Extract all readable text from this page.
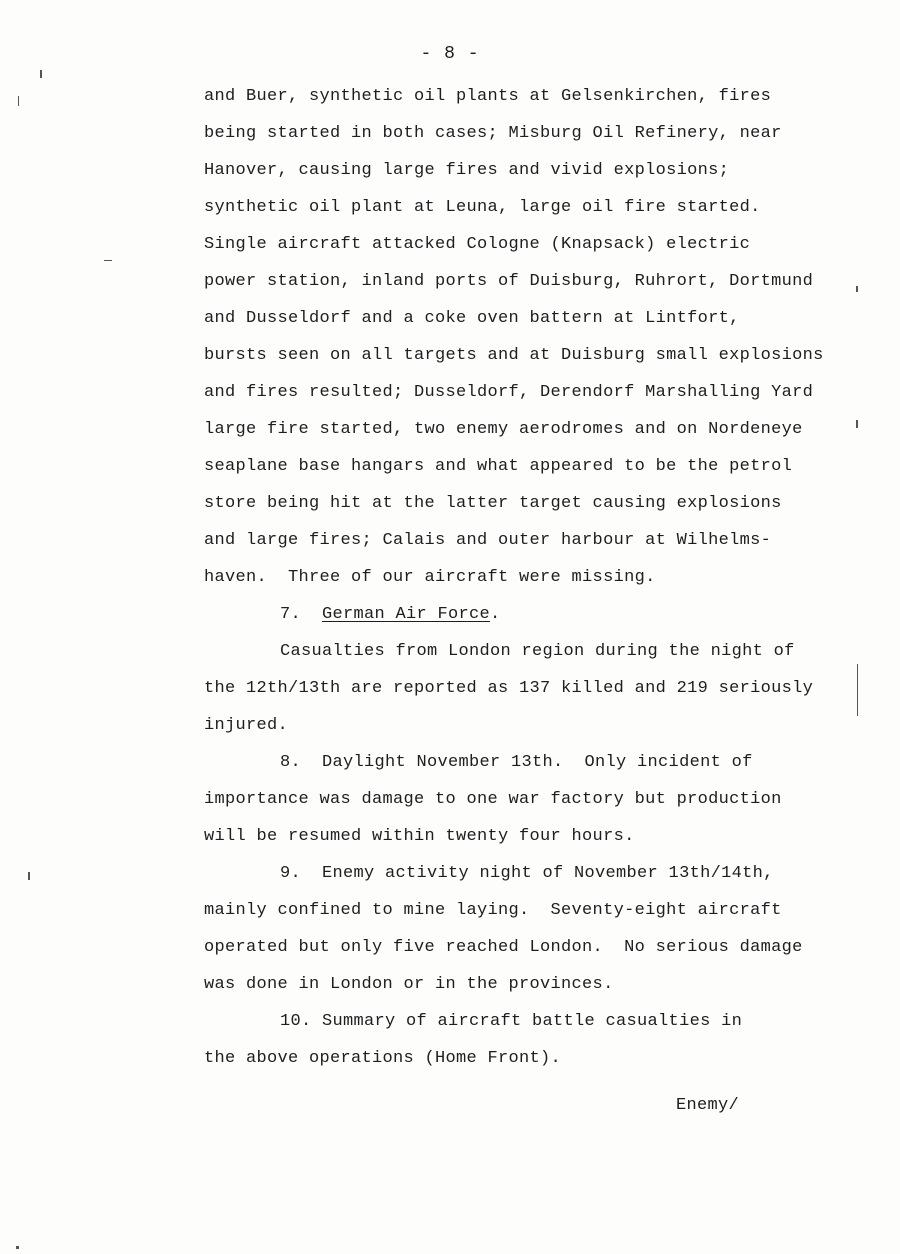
- 8 -
and Buer, synthetic oil plants at Gelsenkirchen, fires
being started in both cases; Misburg Oil Refinery, near
Hanover, causing large fires and vivid explosions;
synthetic oil plant at Leuna, large oil fire started.
Single aircraft attacked Cologne (Knapsack) electric
power station, inland ports of Duisburg, Ruhrort, Dortmund
and Dusseldorf and a coke oven battern at Lintfort,
bursts seen on all targets and at Duisburg small explosions
and fires resulted; Dusseldorf, Derendorf Marshalling Yard
large fire started, two enemy aerodromes and on Nordeneye
seaplane base hangars and what appeared to be the petrol
store being hit at the latter target causing explosions
and large fires; Calais and outer harbour at Wilhelms-
haven.  Three of our aircraft were missing.
7.  German Air Force.
Casualties from London region during the night of
the 12th/13th are reported as 137 killed and 219 seriously
injured.
8.  Daylight November 13th.  Only incident of
importance was damage to one war factory but production
will be resumed within twenty four hours.
9.  Enemy activity night of November 13th/14th,
mainly confined to mine laying.  Seventy-eight aircraft
operated but only five reached London.  No serious damage
was done in London or in the provinces.
10. Summary of aircraft battle casualties in
the above operations (Home Front).
Enemy/
